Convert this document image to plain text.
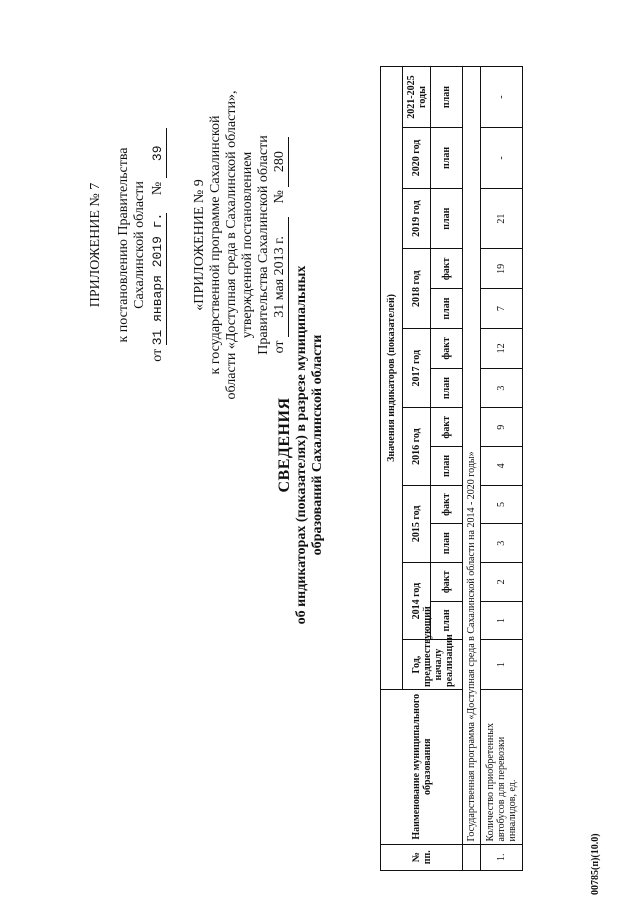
ПРИЛОЖЕНИЕ № 7 к постановлению Правительства Сахалинской области
от 31 января 2019 г. № 39
«ПРИЛОЖЕНИЕ № 9 к государственной программе Сахалинской области «Доступная среда в Сахалинской области», утвержденной постановлением Правительства Сахалинской области от 31 мая 2013 г. № 280
СВЕДЕНИЯ об индикаторах (показателях) в разрезе муниципальных образований Сахалинской области
№ пп.	Наименование муниципального образования	Значения индикаторов (показателей)													
		Год, предшествующий началу реализации	2014 год		2015 год		2016 год		2017 год		2018 год		2019 год	2020 год	2021-2025 годы
			план	факт	план	факт	план	факт	план	факт	план	факт	план	план	план
	Государственная программа «Доступная среда в Сахалинской области на 2014 - 2020 годы»														
1.	Количество приобретенных автобусов для перевозки инвалидов, ед.	1	1	2	3	5	4	9	3	12	7	19	21	-	-
00785(п)(10.0)
